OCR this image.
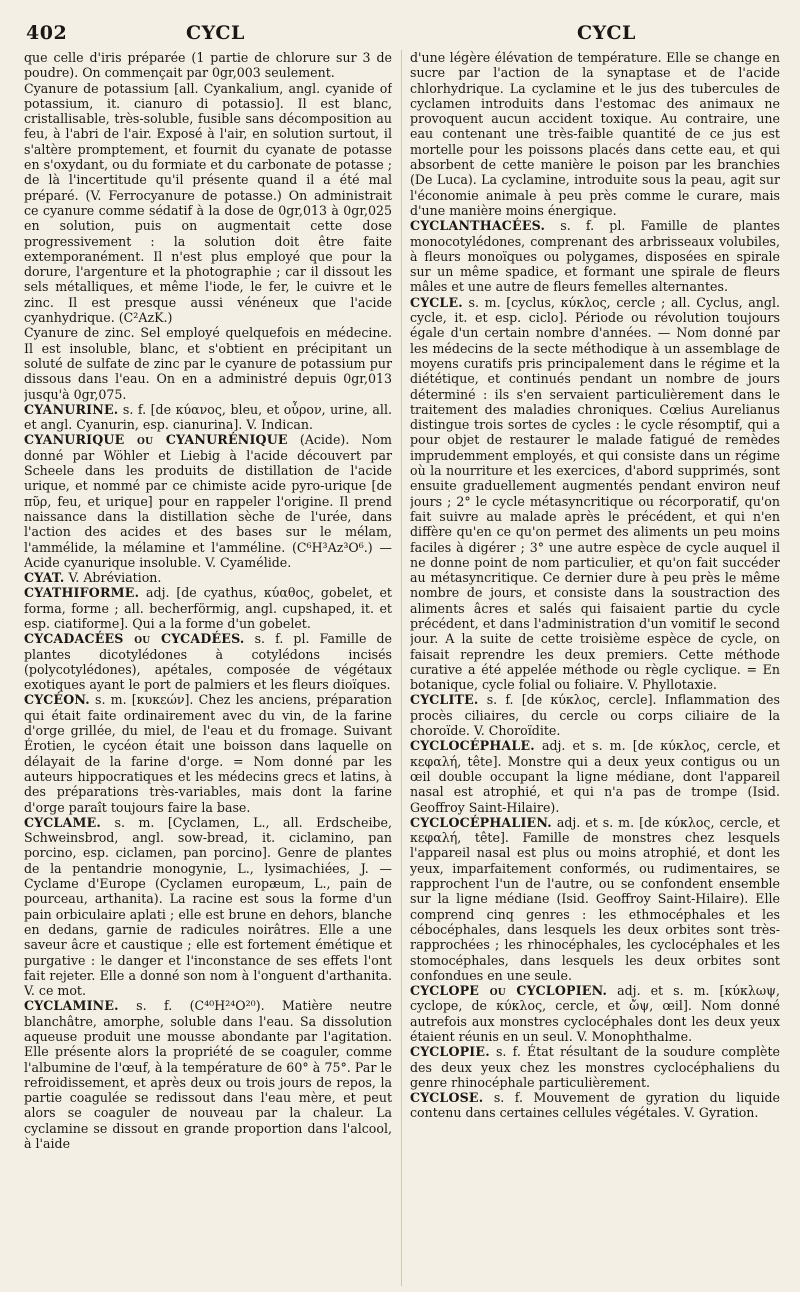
402	CYCL	CYCL

que celle d'iris préparée (1 partie de chlorure sur 3 de poudre). On commençait par 0gr,003 seulement.

Cyanure de potassium [all. Cyankalium, angl. cyanide of potassium, it. cianuro di potassio]. Il est blanc, cristallisable, très-soluble, fusible sans décomposition au feu, à l'abri de l'air. Exposé à l'air, en solution surtout, il s'altère promptement, et fournit du cyanate de potasse en s'oxydant, ou du formiate et du carbonate de potasse ; de là l'incertitude qu'il présente quand il a été mal préparé. (V. Ferrocyanure de potasse.) On administrait ce cyanure comme sédatif à la dose de 0gr,013 à 0gr,025 en solution, puis on augmentait cette dose progressivement : la solution doit être faite extemporanément. Il n'est plus employé que pour la dorure, l'argenture et la photographie ; car il dissout les sels métalliques, et même l'iode, le fer, le cuivre et le zinc. Il est presque aussi vénéneux que l'acide cyanhydrique. (C²AzK.)

Cyanure de zinc. Sel employé quelquefois en médecine. Il est insoluble, blanc, et s'obtient en précipitant un soluté de sulfate de zinc par le cyanure de potassium pur dissous dans l'eau. On en a administré depuis 0gr,013 jusqu'à 0gr,075.

CYANURINE. s. f. [de κύανος, bleu, et οὖρον, urine, all. et angl. Cyanurin, esp. cianurina]. V. Indican.

CYANURIQUE ou CYANURÉNIQUE (Acide). Nom donné par Wöhler et Liebig à l'acide découvert par Scheele dans les produits de distillation de l'acide urique, et nommé par ce chimiste acide pyro-urique [de πῦρ, feu, et urique] pour en rappeler l'origine. Il prend naissance dans la distillation sèche de l'urée, dans l'action des acides et des bases sur le mélam, l'ammélide, la mélamine et l'amméline. (C⁶H³Az³O⁶.) — Acide cyanurique insoluble. V. Cyamélide.

CYAT. V. Abréviation.

CYATHIFORME. adj. [de cyathus, κύαθος, gobelet, et forma, forme ; all. becherförmig, angl. cupshaped, it. et esp. ciatiforme]. Qui a la forme d'un gobelet.

CYCADACÉES ou CYCADÉES. s. f. pl. Famille de plantes dicotylédones à cotylédons incisés (polycotylédones), apétales, composée de végétaux exotiques ayant le port de palmiers et les fleurs dioïques.

CYCÉON. s. m. [κυκεών]. Chez les anciens, préparation qui était faite ordinairement avec du vin, de la farine d'orge grillée, du miel, de l'eau et du fromage. Suivant Érotien, le cycéon était une boisson dans laquelle on délayait de la farine d'orge. = Nom donné par les auteurs hippocratiques et les médecins grecs et latins, à des préparations très-variables, mais dont la farine d'orge paraît toujours faire la base.

CYCLAME. s. m. [Cyclamen, L., all. Erdscheibe, Schweinsbrod, angl. sow-bread, it. ciclamino, pan porcino, esp. ciclamen, pan porcino]. Genre de plantes de la pentandrie monogynie, L., lysimachiées, J. — Cyclame d'Europe (Cyclamen europæum, L., pain de pourceau, arthanita). La racine est sous la forme d'un pain orbiculaire aplati ; elle est brune en dehors, blanche en dedans, garnie de radicules noirâtres. Elle a une saveur âcre et caustique ; elle est fortement émétique et purgative : le danger et l'inconstance de ses effets l'ont fait rejeter. Elle a donné son nom à l'onguent d'arthanita. V. ce mot.

CYCLAMINE. s. f. (C⁴⁰H²⁴O²⁰). Matière neutre blanchâtre, amorphe, soluble dans l'eau. Sa dissolution aqueuse produit une mousse abondante par l'agitation. Elle présente alors la propriété de se coaguler, comme l'albumine de l'œuf, à la température de 60° à 75°. Par le refroidissement, et après deux ou trois jours de repos, la partie coagulée se redissout dans l'eau mère, et peut alors se coaguler de nouveau par la chaleur. La cyclamine se dissout en grande proportion dans l'alcool, à l'aide

d'une légère élévation de température. Elle se change en sucre par l'action de la synaptase et de l'acide chlorhydrique. La cyclamine et le jus des tubercules de cyclamen introduits dans l'estomac des animaux ne provoquent aucun accident toxique. Au contraire, une eau contenant une très-faible quantité de ce jus est mortelle pour les poissons placés dans cette eau, et qui absorbent de cette manière le poison par les branchies (De Luca). La cyclamine, introduite sous la peau, agit sur l'économie animale à peu près comme le curare, mais d'une manière moins énergique.

CYCLANTHACÉES. s. f. pl. Famille de plantes monocotylédones, comprenant des arbrisseaux volubiles, à fleurs monoïques ou polygames, disposées en spirale sur un même spadice, et formant une spirale de fleurs mâles et une autre de fleurs femelles alternantes.

CYCLE. s. m. [cyclus, κύκλος, cercle ; all. Cyclus, angl. cycle, it. et esp. ciclo]. Période ou révolution toujours égale d'un certain nombre d'années. — Nom donné par les médecins de la secte méthodique à un assemblage de moyens curatifs pris principalement dans le régime et la diététique, et continués pendant un nombre de jours déterminé : ils s'en servaient particulièrement dans le traitement des maladies chroniques. Cœlius Aurelianus distingue trois sortes de cycles : le cycle résomptif, qui a pour objet de restaurer le malade fatigué de remèdes imprudemment employés, et qui consiste dans un régime où la nourriture et les exercices, d'abord supprimés, sont ensuite graduellement augmentés pendant environ neuf jours ; 2° le cycle métasyncritique ou récorporatif, qu'on fait suivre au malade après le précédent, et qui n'en diffère qu'en ce qu'on permet des aliments un peu moins faciles à digérer ; 3° une autre espèce de cycle auquel il ne donne point de nom particulier, et qu'on fait succéder au métasyncritique. Ce dernier dure à peu près le même nombre de jours, et consiste dans la soustraction des aliments âcres et salés qui faisaient partie du cycle précédent, et dans l'administration d'un vomitif le second jour. A la suite de cette troisième espèce de cycle, on faisait reprendre les deux premiers. Cette méthode curative a été appelée méthode ou règle cyclique. = En botanique, cycle folial ou foliaire. V. Phyllotaxie.

CYCLITE. s. f. [de κύκλος, cercle]. Inflammation des procès ciliaires, du cercle ou corps ciliaire de la choroïde. V. Choroïdite.

CYCLOCÉPHALE. adj. et s. m. [de κύκλος, cercle, et κεφαλή, tête]. Monstre qui a deux yeux contigus ou un œil double occupant la ligne médiane, dont l'appareil nasal est atrophié, et qui n'a pas de trompe (Isid. Geoffroy Saint-Hilaire).

CYCLOCÉPHALIEN. adj. et s. m. [de κύκλος, cercle, et κεφαλή, tête]. Famille de monstres chez lesquels l'appareil nasal est plus ou moins atrophié, et dont les yeux, imparfaitement conformés, ou rudimentaires, se rapprochent l'un de l'autre, ou se confondent ensemble sur la ligne médiane (Isid. Geoffroy Saint-Hilaire). Elle comprend cinq genres : les ethmocéphales et les cébocéphales, dans lesquels les deux orbites sont très-rapprochées ; les rhinocéphales, les cyclocéphales et les stomocéphales, dans lesquels les deux orbites sont confondues en une seule.

CYCLOPE ou CYCLOPIEN. adj. et s. m. [κύκλωψ, cyclope, de κύκλος, cercle, et ὤψ, œil]. Nom donné autrefois aux monstres cyclocéphales dont les deux yeux étaient réunis en un seul. V. Monophthalme.

CYCLOPIE. s. f. État résultant de la soudure complète des deux yeux chez les monstres cyclocéphaliens du genre rhinocéphale particulièrement.

CYCLOSE. s. f. Mouvement de gyration du liquide contenu dans certaines cellules végétales. V. Gyration.
